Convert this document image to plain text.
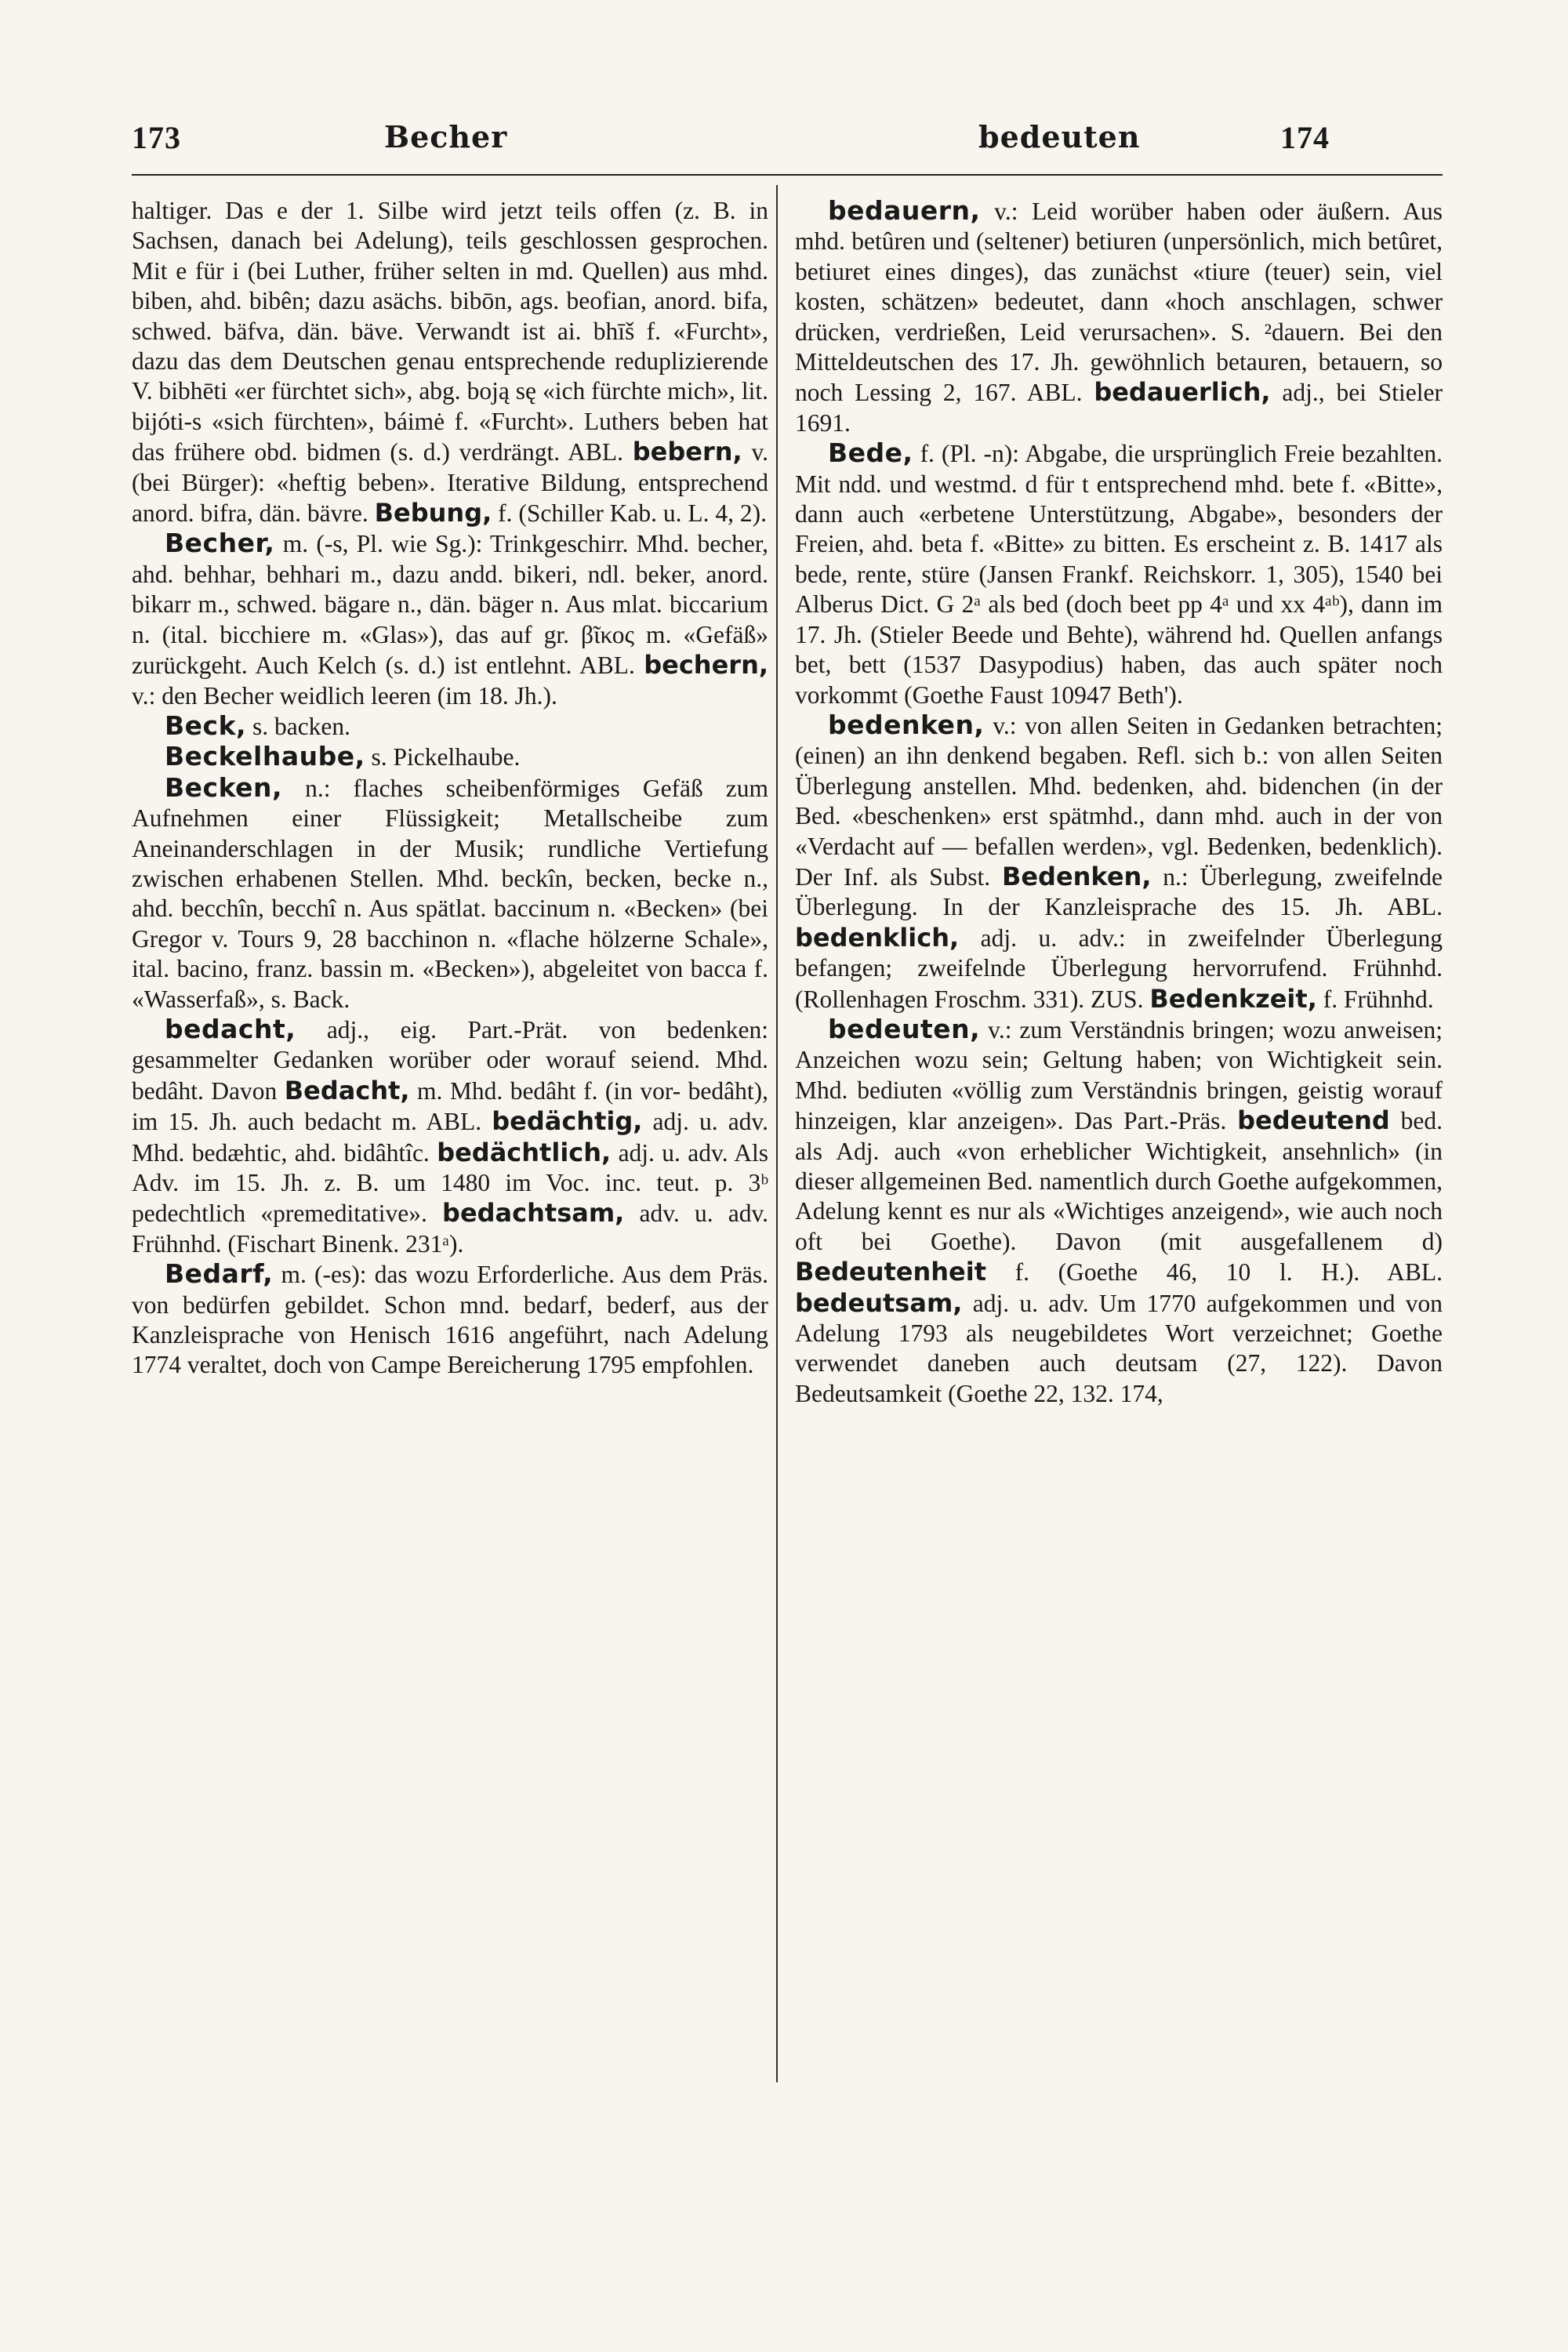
173	Becher	bedeuten	174

haltiger. Das e der 1. Silbe wird jetzt teils offen (z. B. in Sachsen, danach bei Adelung), teils geschlossen gesprochen. Mit e für i (bei Luther, früher selten in md. Quellen) aus mhd. biben, ahd. bibên; dazu asächs. bibōn, ags. beofian, anord. bifa, schwed. bäfva, dän. bäve. Verwandt ist ai. bhīš f. «Furcht», dazu das dem Deutschen genau entsprechende reduplizierende V. bibhēti «er fürchtet sich», abg. boją sę «ich fürchte mich», lit. bijóti-s «sich fürchten», báimė f. «Furcht». Luthers beben hat das frühere obd. bidmen (s. d.) verdrängt. ABL. bebern, v. (bei Bürger): «heftig beben». Iterative Bildung, entsprechend anord. bifra, dän. bävre. Bebung, f. (Schiller Kab. u. L. 4, 2).

Becher, m. (-s, Pl. wie Sg.): Trinkgeschirr. Mhd. becher, ahd. behhar, behhari m., dazu andd. bikeri, ndl. beker, anord. bikarr m., schwed. bägare n., dän. bäger n. Aus mlat. biccarium n. (ital. bicchiere m. «Glas»), das auf gr. βῖκος m. «Gefäß» zurückgeht. Auch Kelch (s. d.) ist entlehnt. ABL. bechern, v.: den Becher weidlich leeren (im 18. Jh.).

Beck, s. backen.

Beckelhaube, s. Pickelhaube.

Becken, n.: flaches scheibenförmiges Gefäß zum Aufnehmen einer Flüssigkeit; Metallscheibe zum Aneinanderschlagen in der Musik; rundliche Vertiefung zwischen erhabenen Stellen. Mhd. beckîn, becken, becke n., ahd. becchîn, becchî n. Aus spätlat. baccinum n. «Becken» (bei Gregor v. Tours 9, 28 bacchinon n. «flache hölzerne Schale», ital. bacino, franz. bassin m. «Becken»), abgeleitet von bacca f. «Wasserfaß», s. Back.

bedacht, adj., eig. Part.-Prät. von bedenken: gesammelter Gedanken worüber oder worauf seiend. Mhd. bedâht. Davon Bedacht, m. Mhd. bedâht f. (in vor- bedâht), im 15. Jh. auch bedacht m. ABL. bedächtig, adj. u. adv. Mhd. bedæhtic, ahd. bidâhtîc. bedächtlich, adj. u. adv. Als Adv. im 15. Jh. z. B. um 1480 im Voc. inc. teut. p. 3ᵇ pedechtlich «premeditative». bedachtsam, adv. u. adv. Frühnhd. (Fischart Binenk. 231ᵃ).

Bedarf, m. (-es): das wozu Erforderliche. Aus dem Präs. von bedürfen gebildet. Schon mnd. bedarf, bederf, aus der Kanzleisprache von Henisch 1616 angeführt, nach Adelung 1774 veraltet, doch von Campe Bereicherung 1795 empfohlen.

bedauern, v.: Leid worüber haben oder äußern. Aus mhd. betûren und (seltener) betiuren (unpersönlich, mich betûret, betiuret eines dinges), das zunächst «tiure (teuer) sein, viel kosten, schätzen» bedeutet, dann «hoch anschlagen, schwer drücken, verdrießen, Leid verursachen». S. ²dauern. Bei den Mitteldeutschen des 17. Jh. gewöhnlich betauren, betauern, so noch Lessing 2, 167. ABL. bedauerlich, adj., bei Stieler 1691.

Bede, f. (Pl. -n): Abgabe, die ursprünglich Freie bezahlten. Mit ndd. und westmd. d für t entsprechend mhd. bete f. «Bitte», dann auch «erbetene Unterstützung, Abgabe», besonders der Freien, ahd. beta f. «Bitte» zu bitten. Es erscheint z. B. 1417 als bede, rente, stüre (Jansen Frankf. Reichskorr. 1, 305), 1540 bei Alberus Dict. G 2ᵃ als bed (doch beet pp 4ᵃ und xx 4ᵃᵇ), dann im 17. Jh. (Stieler Beede und Behte), während hd. Quellen anfangs bet, bett (1537 Dasypodius) haben, das auch später noch vorkommt (Goethe Faust 10947 Beth').

bedenken, v.: von allen Seiten in Gedanken betrachten; (einen) an ihn denkend begaben. Refl. sich b.: von allen Seiten Überlegung anstellen. Mhd. bedenken, ahd. bidenchen (in der Bed. «beschenken» erst spätmhd., dann mhd. auch in der von «Verdacht auf — befallen werden», vgl. Bedenken, bedenklich). Der Inf. als Subst. Bedenken, n.: Überlegung, zweifelnde Überlegung. In der Kanzleisprache des 15. Jh. ABL. bedenklich, adj. u. adv.: in zweifelnder Überlegung befangen; zweifelnde Überlegung hervorrufend. Frühnhd. (Rollenhagen Froschm. 331). ZUS. Bedenkzeit, f. Frühnhd.

bedeuten, v.: zum Verständnis bringen; wozu anweisen; Anzeichen wozu sein; Geltung haben; von Wichtigkeit sein. Mhd. bediuten «völlig zum Verständnis bringen, geistig worauf hinzeigen, klar anzeigen». Das Part.-Präs. bedeutend bed. als Adj. auch «von erheblicher Wichtigkeit, ansehnlich» (in dieser allgemeinen Bed. namentlich durch Goethe aufgekommen, Adelung kennt es nur als «Wichtiges anzeigend», wie auch noch oft bei Goethe). Davon (mit ausgefallenem d) Bedeutenheit f. (Goethe 46, 10 l. H.). ABL. bedeutsam, adj. u. adv. Um 1770 aufgekommen und von Adelung 1793 als neugebildetes Wort verzeichnet; Goethe verwendet daneben auch deutsam (27, 122). Davon Bedeutsamkeit (Goethe 22, 132. 174,
